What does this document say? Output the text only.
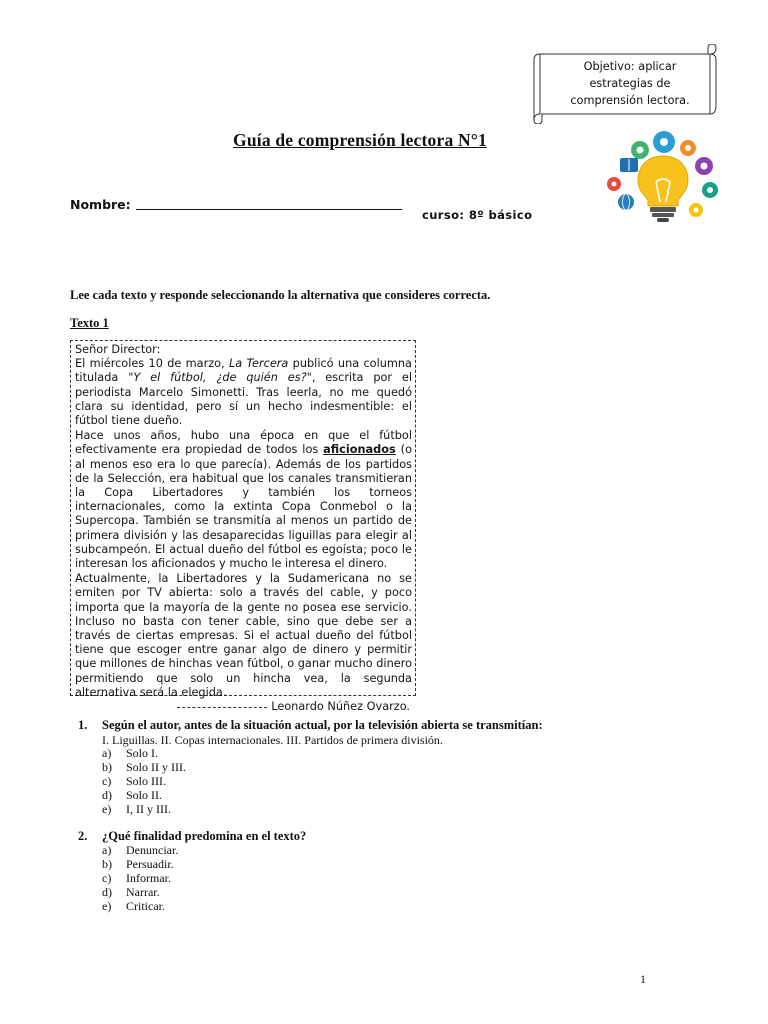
Objetivo: aplicar
estrategias de
comprensión lectora.
Guía de comprensión lectora N°1
Nombre:
curso: 8º básico
Lee cada texto y responde seleccionando la alternativa que consideres correcta.
Texto 1

Señor Director:

El miércoles 10 de marzo, La Tercera publicó una columna titulada "Y el fútbol, ¿de quién es?", escrita por el periodista Marcelo Simonetti. Tras leerla, no me quedó clara su identidad, pero sí un hecho indesmentible: el fútbol tiene dueño.

Hace unos años, hubo una época en que el fútbol efectivamente era propiedad de todos los aficionados (o al menos eso era lo que parecía). Además de los partidos de la Selección, era habitual que los canales transmitieran la Copa Libertadores y también los torneos internacionales, como la extinta Copa Conmebol o la Supercopa. También se transmitía al menos un partido de primera división y las desaparecidas liguillas para elegir al subcampeón. El actual dueño del fútbol es egoísta; poco le interesan los aficionados y mucho le interesa el dinero.

Actualmente, la Libertadores y la Sudamericana no se emiten por TV abierta: solo a través del cable, y poco importa que la mayoría de la gente no posea ese servicio. Incluso no basta con tener cable, sino que debe ser a través de ciertas empresas. Si el actual dueño del fútbol tiene que escoger entre ganar algo de dinero y permitir que millones de hinchas vean fútbol, o ganar mucho dinero permitiendo que solo un hincha vea, la segunda alternativa será la elegida.

Leonardo Núñez Ovarzo.

1. Según el autor, antes de la situación actual, por la televisión abierta se transmitían:
I. Liguillas. II. Copas internacionales. III. Partidos de primera división.
a) Solo I.
b) Solo II y III.
c) Solo III.
d) Solo II.
e) I, II y III.
2. ¿Qué finalidad predomina en el texto?
a) Denunciar.
b) Persuadir.
c) Informar.
d) Narrar.
e) Criticar.
1
